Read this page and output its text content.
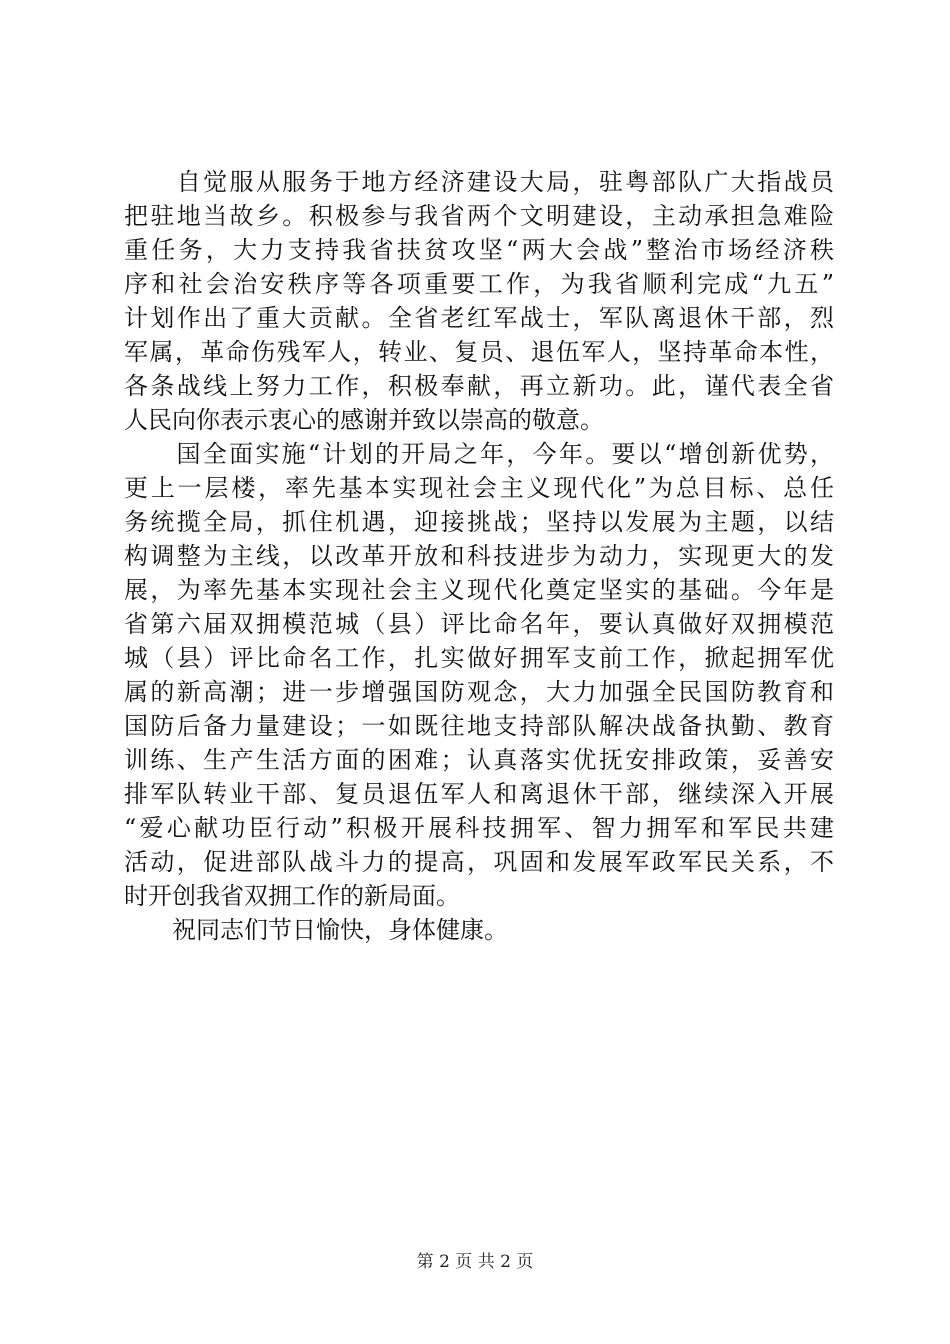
　　自觉服从服务于地方经济建设大局，驻粤部队广大指战员
把驻地当故乡。积极参与我省两个文明建设，主动承担急难险
重任务，大力支持我省扶贫攻坚“两大会战”整治市场经济秩
序和社会治安秩序等各项重要工作，为我省顺利完成“九五”
计划作出了重大贡献。全省老红军战士，军队离退休干部，烈
军属，革命伤残军人，转业、复员、退伍军人，坚持革命本性，
各条战线上努力工作，积极奉献，再立新功。此，谨代表全省
人民向你表示衷心的感谢并致以崇高的敬意。
　　国全面实施“计划的开局之年，今年。要以“增创新优势，
更上一层楼，率先基本实现社会主义现代化”为总目标、总任
务统揽全局，抓住机遇，迎接挑战；坚持以发展为主题，以结
构调整为主线，以改革开放和科技进步为动力，实现更大的发
展，为率先基本实现社会主义现代化奠定坚实的基础。今年是
省第六届双拥模范城（县）评比命名年，要认真做好双拥模范
城（县）评比命名工作，扎实做好拥军支前工作，掀起拥军优
属的新高潮；进一步增强国防观念，大力加强全民国防教育和
国防后备力量建设；一如既往地支持部队解决战备执勤、教育
训练、生产生活方面的困难；认真落实优抚安排政策，妥善安
排军队转业干部、复员退伍军人和离退休干部，继续深入开展
“爱心献功臣行动”积极开展科技拥军、智力拥军和军民共建
活动，促进部队战斗力的提高，巩固和发展军政军民关系，不
时开创我省双拥工作的新局面。
　　祝同志们节日愉快，身体健康。
第 2 页 共 2 页
